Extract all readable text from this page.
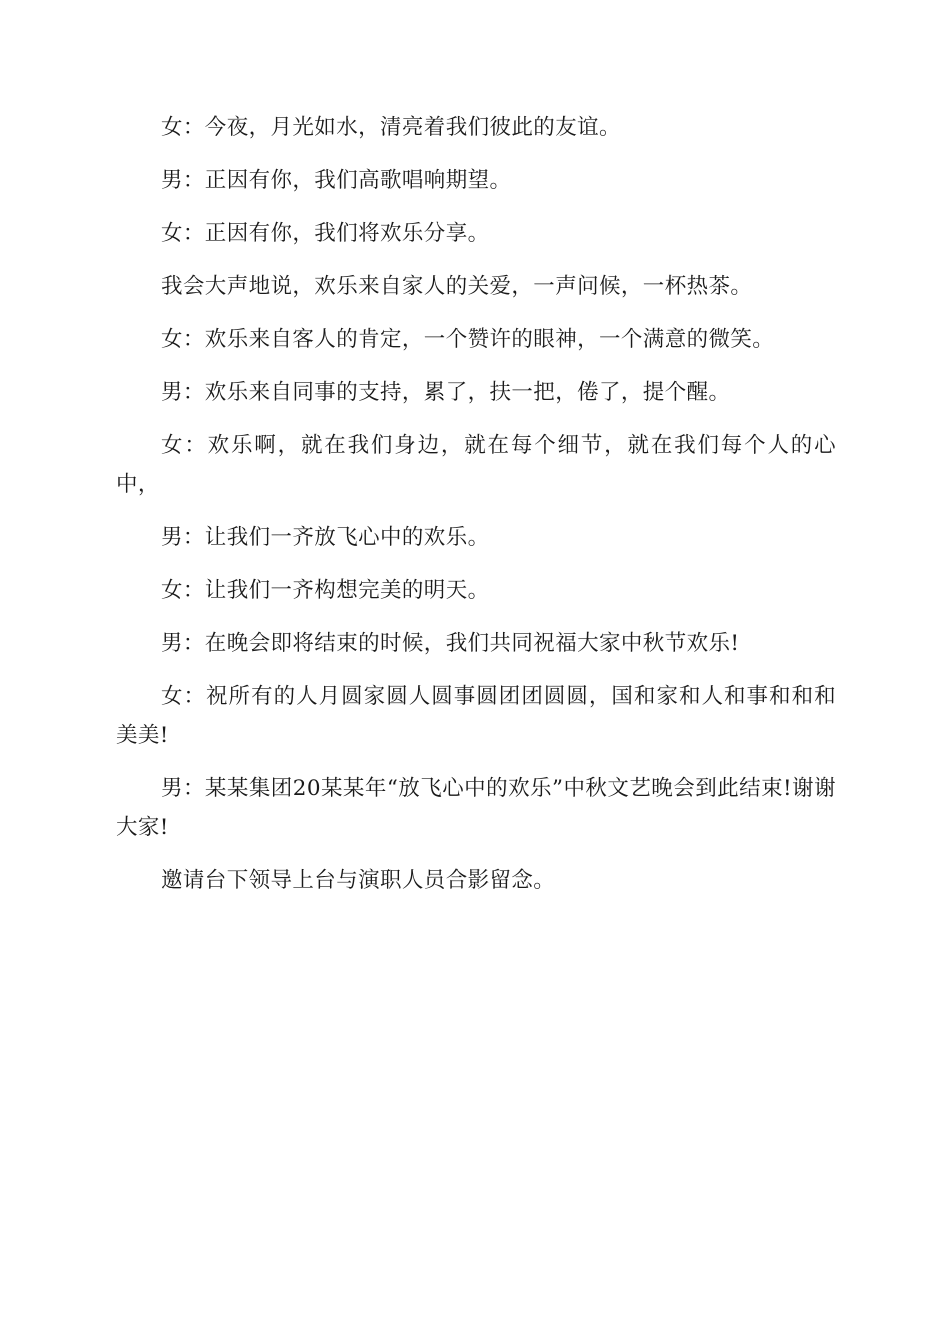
女：今夜，月光如水，清亮着我们彼此的友谊。

男：正因有你，我们高歌唱响期望。

女：正因有你，我们将欢乐分享。

我会大声地说，欢乐来自家人的关爱，一声问候，一杯热茶。

女：欢乐来自客人的肯定，一个赞许的眼神，一个满意的微笑。

男：欢乐来自同事的支持，累了，扶一把，倦了，提个醒。

女：欢乐啊，就在我们身边，就在每个细节，就在我们每个人的心中，

男：让我们一齐放飞心中的欢乐。

女：让我们一齐构想完美的明天。

男：在晚会即将结束的时候，我们共同祝福大家中秋节欢乐!

女：祝所有的人月圆家圆人圆事圆团团圆圆，国和家和人和事和和和美美!

男：某某集团20某某年“放飞心中的欢乐”中秋文艺晚会到此结束!谢谢大家!

邀请台下领导上台与演职人员合影留念。
